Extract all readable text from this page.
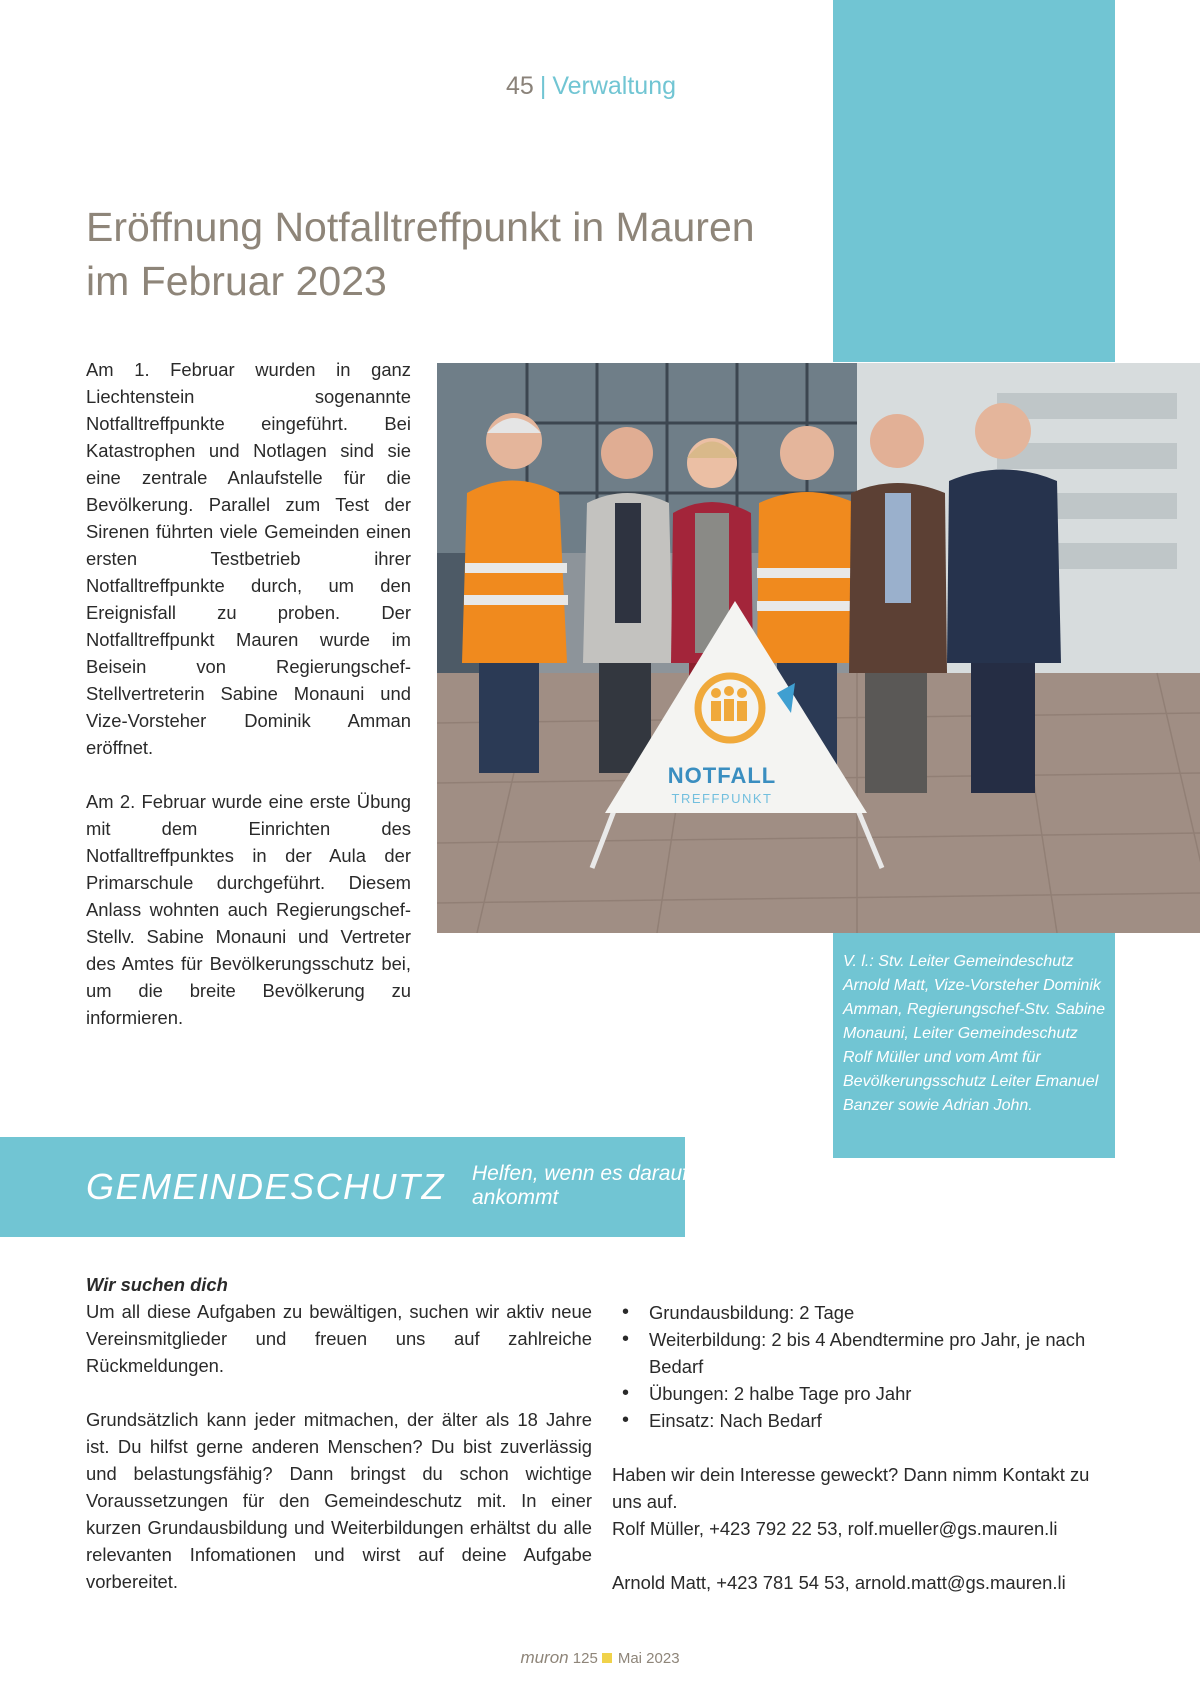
45 | Verwaltung
Eröffnung Notfalltreffpunkt in Mauren
im Februar 2023

Am 1. Februar wurden in ganz Liechtenstein sogenannte Notfalltreffpunkte eingeführt. Bei Katastrophen und Notlagen sind sie eine zentrale Anlaufstelle für die Bevölkerung. Parallel zum Test der Sirenen führten viele Gemeinden einen ersten Testbetrieb ihrer Notfalltreffpunkte durch, um den Ereignisfall zu proben. Der Notfalltreffpunkt Mauren wurde im Beisein von Regierungschef-Stellvertreterin Sabine Monauni und Vize-Vorsteher Dominik Amman eröffnet.

Am 2. Februar wurde eine erste Übung mit dem Einrichten des Notfalltreffpunktes in der Aula der Primarschule durchgeführt. Diesem Anlass wohnten auch Regierungschef-Stellv. Sabine Monauni und Vertreter des Amtes für Bevölkerungsschutz bei, um die breite Bevölkerung zu informieren.

NOTFALL
TREFFPUNKT
V. l.: Stv. Leiter Gemeindeschutz Arnold Matt, Vize-Vorsteher Dominik Amman, Regierungschef-Stv. Sabine Monauni, Leiter Gemeindeschutz Rolf Müller und vom Amt für Bevölkerungsschutz Leiter Emanuel Banzer sowie Adrian John.
GEMEINDESCHUTZ Helfen, wenn es darauf ankommt
Wir suchen dich

Um all diese Aufgaben zu bewältigen, suchen wir aktiv neue Vereinsmitglieder und freuen uns auf zahlreiche Rückmeldungen.

Grundsätzlich kann jeder mitmachen, der älter als 18 Jahre ist. Du hilfst gerne anderen Menschen? Du bist zuverlässig und belastungsfähig? Dann bringst du schon wichtige Voraussetzungen für den Gemeindeschutz mit. In einer kurzen Grundausbildung und Weiterbildungen erhältst du alle relevanten Infomationen und wirst auf deine Aufgabe vorbereitet.

• Grundausbildung: 2 Tage
• Weiterbildung: 2 bis 4 Abendtermine pro Jahr, je nach Bedarf
• Übungen: 2 halbe Tage pro Jahr
• Einsatz: Nach Bedarf
Haben wir dein Interesse geweckt? Dann nimm Kontakt zu uns auf.
Rolf Müller, +423 792 22 53, rolf.mueller@gs.mauren.li
Arnold Matt, +423 781 54 53, arnold.matt@gs.mauren.li
muron 125 Mai 2023
